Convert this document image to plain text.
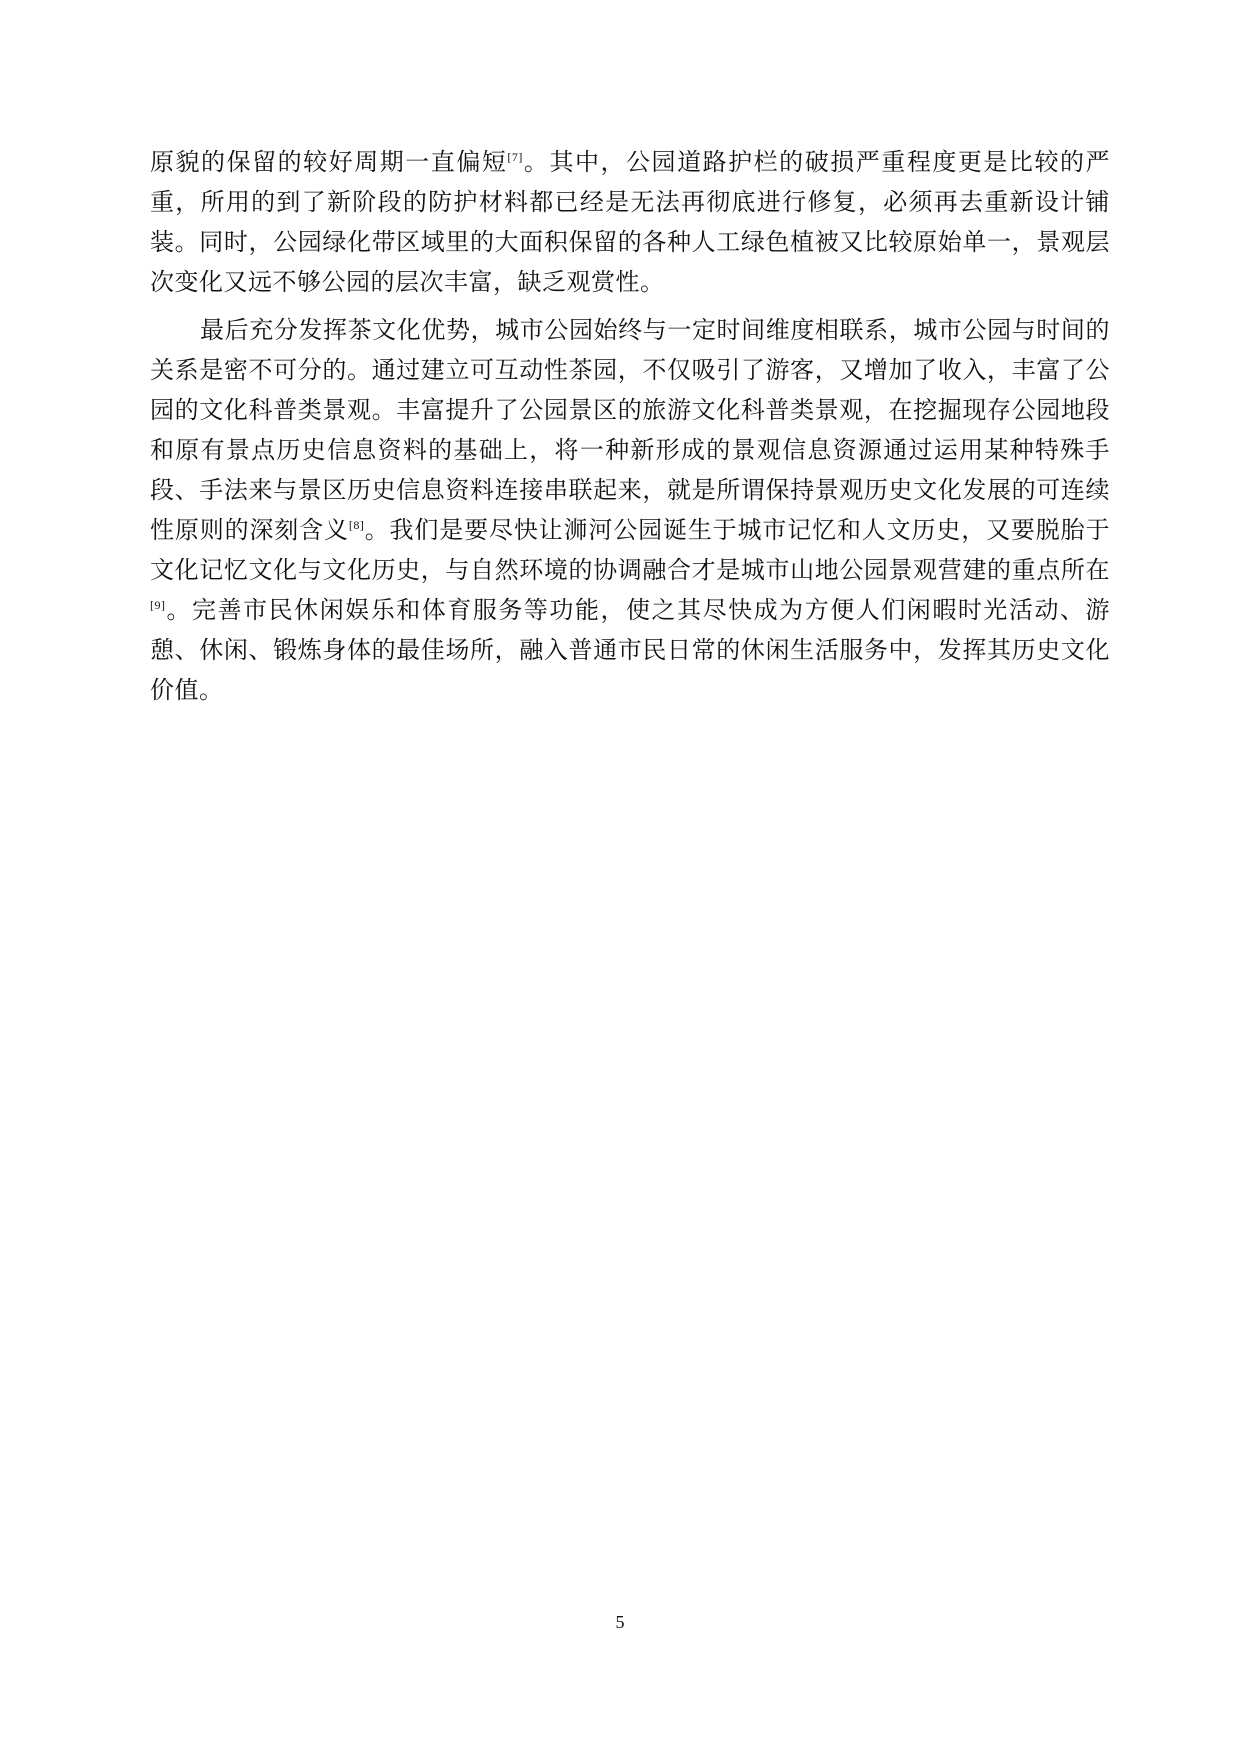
原貌的保留的较好周期一直偏短[7]。其中，公园道路护栏的破损严重程度更是比较的严重，所用的到了新阶段的防护材料都已经是无法再彻底进行修复，必须再去重新设计铺装。同时，公园绿化带区域里的大面积保留的各种人工绿色植被又比较原始单一，景观层次变化又远不够公园的层次丰富，缺乏观赏性。

最后充分发挥茶文化优势，城市公园始终与一定时间维度相联系，城市公园与时间的关系是密不可分的。通过建立可互动性茶园，不仅吸引了游客，又增加了收入，丰富了公园的文化科普类景观。丰富提升了公园景区的旅游文化科普类景观，在挖掘现存公园地段和原有景点历史信息资料的基础上，将一种新形成的景观信息资源通过运用某种特殊手段、手法来与景区历史信息资料连接串联起来，就是所谓保持景观历史文化发展的可连续性原则的深刻含义[8]。我们是要尽快让浉河公园诞生于城市记忆和人文历史，又要脱胎于文化记忆文化与文化历史，与自然环境的协调融合才是城市山地公园景观营建的重点所在[9]。完善市民休闲娱乐和体育服务等功能，使之其尽快成为方便人们闲暇时光活动、游憩、休闲、锻炼身体的最佳场所，融入普通市民日常的休闲生活服务中，发挥其历史文化价值。

5
